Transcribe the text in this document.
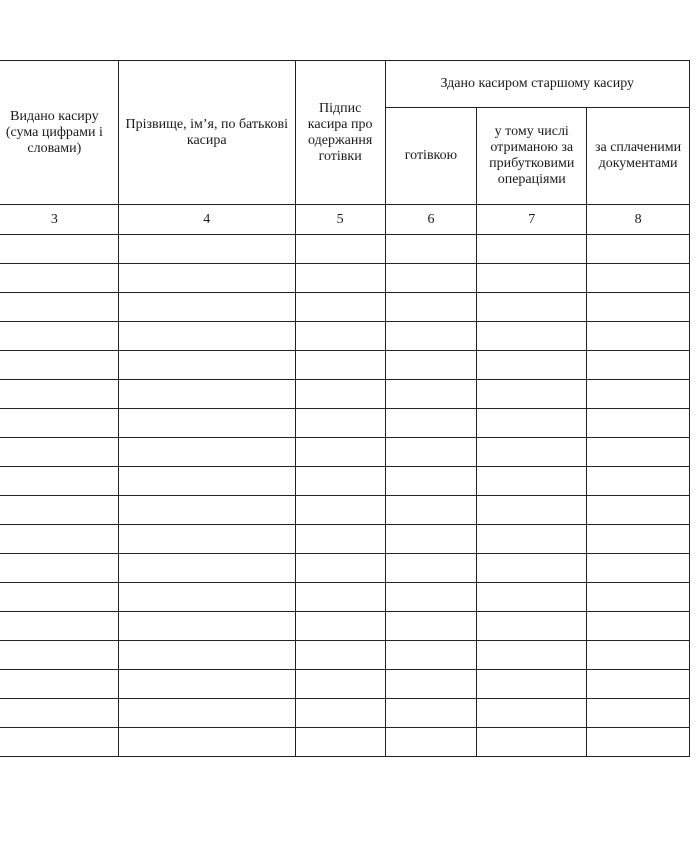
Видано касиру (сума цифрами і словами)	Прізвище, ім’я, по батькові касира	Підпис касира про одержання готівки	Здано касиром старшому касиру		

			готівкою	у тому числі отриманою за прибутковими операціями	за сплаченими документами

3	4	5	6	7	8
